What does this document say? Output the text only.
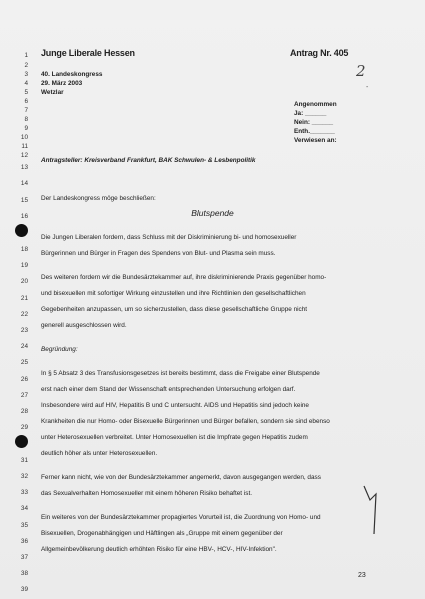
1
2
3
4
5
6
7
8
9
10
11
12
13
14
15
16
18
19
20
21
22
23
24
25
26
27
28
29
31
32
33
34
35
36
37
38
39
Junge Liberale Hessen	Antrag Nr. 405
2
-
40. Landeskongress
29. März 2003
Wetzlar
Angenommen
Ja: ______
Nein: ______
Enth._______
Verwiesen an:
Antragsteller: Kreisverband Frankfurt, BAK Schwulen- & Lesbenpolitik
Der Landeskongress möge beschließen:
Blutspende
Die Jungen Liberalen fordern, dass Schluss mit der Diskriminierung bi- und homosexueller
Bürgerinnen und Bürger in Fragen des Spendens von Blut- und Plasma sein muss.
Des weiteren fordern wir die Bundesärztekammer auf, ihre diskriminierende Praxis gegenüber homo-
und bisexuellen mit sofortiger Wirkung einzustellen und ihre Richtlinien den gesellschaftlichen
Gegebenheiten anzupassen, um so sicherzustellen, dass diese gesellschaftliche Gruppe nicht
generell ausgeschlossen wird.
Begründung:
In § 5 Absatz 3 des Transfusionsgesetzes ist bereits bestimmt, dass die Freigabe einer Blutspende
erst nach einer dem Stand der Wissenschaft entsprechenden Untersuchung erfolgen darf.
Insbesondere wird auf HIV, Hepatitis B und C untersucht. AIDS und Hepatitis sind jedoch keine
Krankheiten die nur Homo- oder Bisexuelle Bürgerinnen und Bürger befallen, sondern sie sind ebenso
unter Heterosexuellen verbreitet. Unter Homosexuellen ist die Impfrate gegen Hepatitis zudem
deutlich höher als unter Heterosexuellen.
Ferner kann nicht, wie von der Bundesärztekammer angemerkt, davon ausgegangen werden, dass
das Sexualverhalten Homosexueller mit einem höheren Risiko behaftet ist.
Ein weiteres von der Bundesärztekammer propagiertes Vorurteil ist, die Zuordnung von Homo- und
Bisexuellen, Drogenabhängigen und Häftlingen als „Gruppe mit einem gegenüber der
Allgemeinbevölkerung deutlich erhöhten Risiko für eine HBV-, HCV-, HIV-Infektion".
23
